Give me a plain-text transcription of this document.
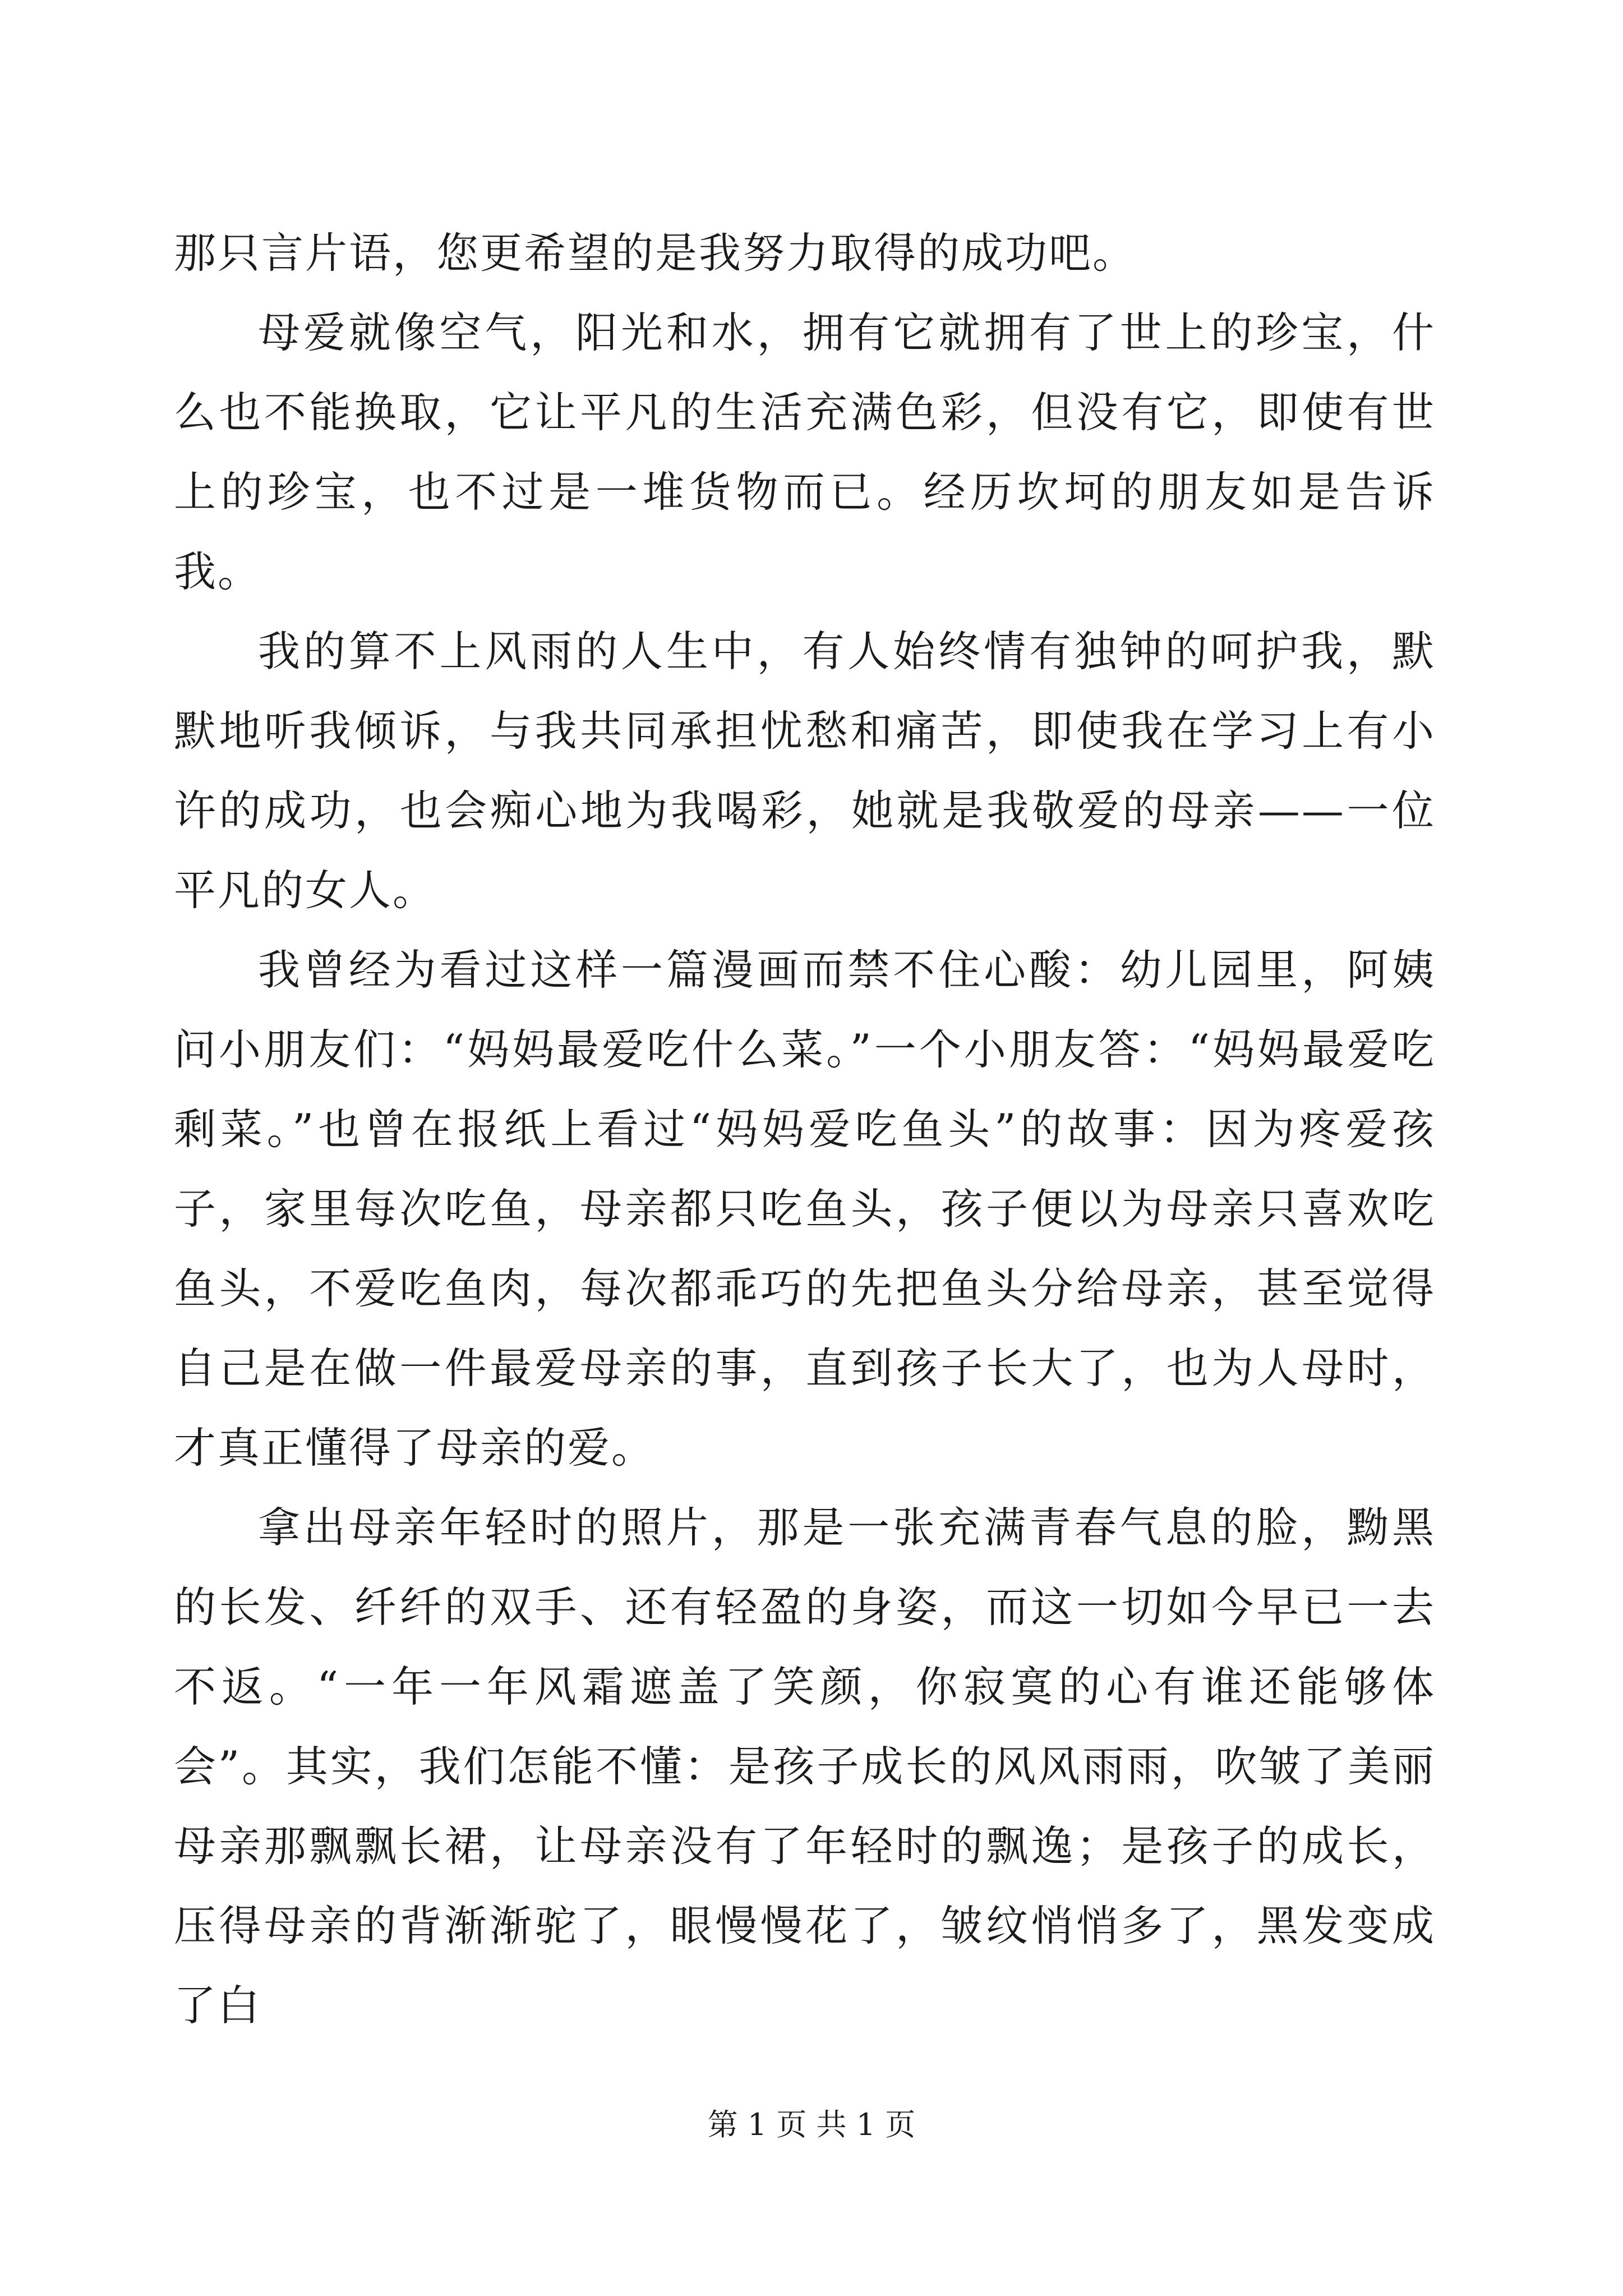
那只言片语，您更希望的是我努力取得的成功吧。

母爱就像空气，阳光和水，拥有它就拥有了世上的珍宝，什么也不能换取，它让平凡的生活充满色彩，但没有它，即使有世上的珍宝，也不过是一堆货物而已。经历坎坷的朋友如是告诉我。

我的算不上风雨的人生中，有人始终情有独钟的呵护我，默默地听我倾诉，与我共同承担忧愁和痛苦，即使我在学习上有小许的成功，也会痴心地为我喝彩，她就是我敬爱的母亲——一位平凡的女人。

我曾经为看过这样一篇漫画而禁不住心酸：幼儿园里，阿姨问小朋友们：“妈妈最爱吃什么菜。”一个小朋友答：“妈妈最爱吃剩菜。”也曾在报纸上看过“妈妈爱吃鱼头”的故事：因为疼爱孩子，家里每次吃鱼，母亲都只吃鱼头，孩子便以为母亲只喜欢吃鱼头，不爱吃鱼肉，每次都乖巧的先把鱼头分给母亲，甚至觉得自己是在做一件最爱母亲的事，直到孩子长大了，也为人母时，才真正懂得了母亲的爱。

拿出母亲年轻时的照片，那是一张充满青春气息的脸，黝黑的长发、纤纤的双手、还有轻盈的身姿，而这一切如今早已一去不返。“一年一年风霜遮盖了笑颜，你寂寞的心有谁还能够体会”。其实，我们怎能不懂：是孩子成长的风风雨雨，吹皱了美丽母亲那飘飘长裙，让母亲没有了年轻时的飘逸；是孩子的成长，压得母亲的背渐渐驼了，眼慢慢花了，皱纹悄悄多了，黑发变成了白

第 1 页 共 1 页
